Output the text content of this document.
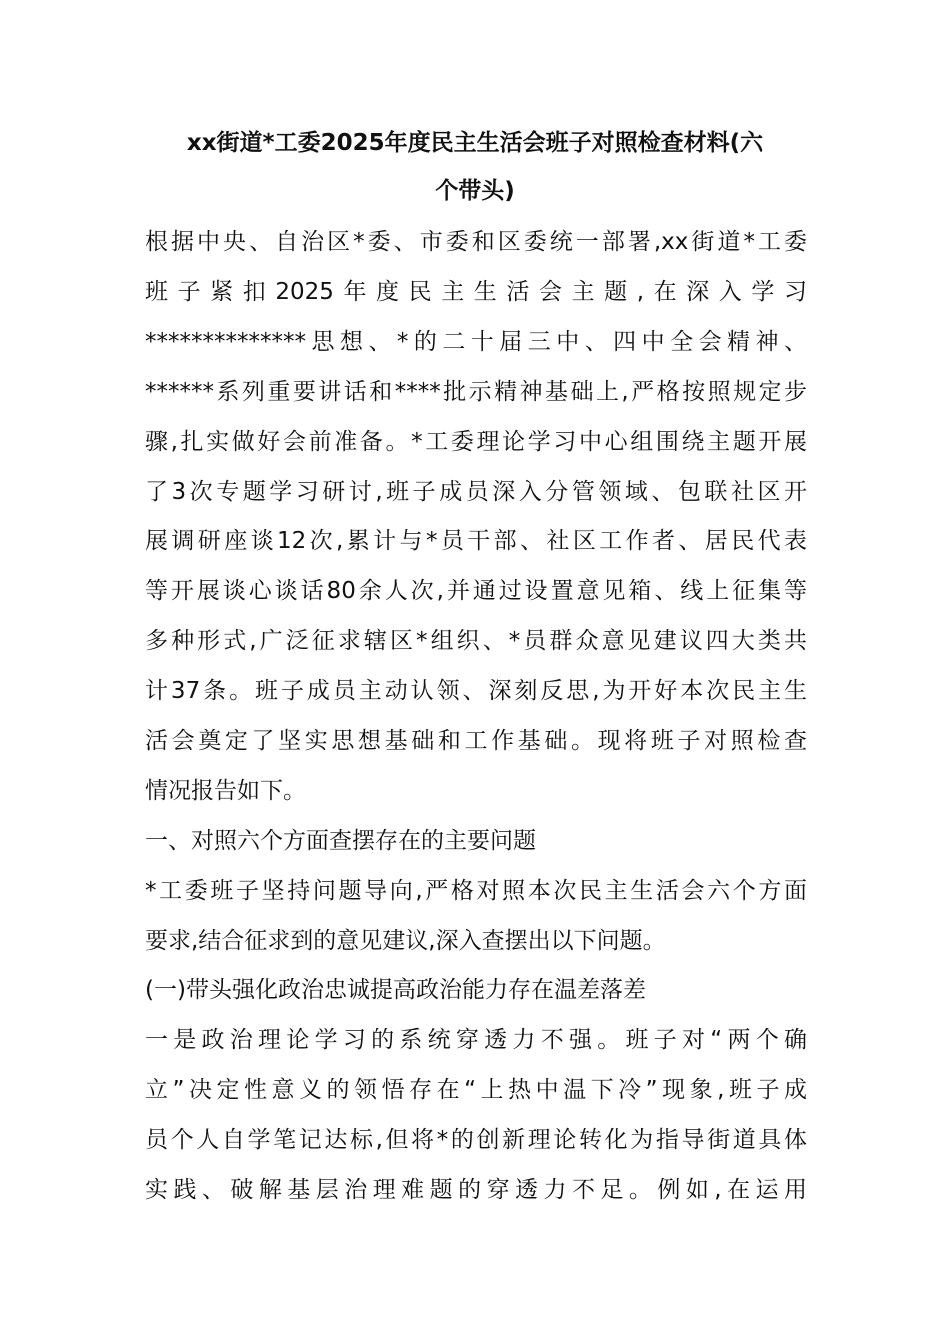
xx街道*工委2025年度民主生活会班子对照检查材料(六
个带头)
根据中央、自治区*委、市委和区委统一部署,xx街道*工委
班子紧扣2025年度民主生活会主题,在深入学习
**************思想、*的二十届三中、四中全会精神、
******系列重要讲话和****批示精神基础上,严格按照规定步
骤,扎实做好会前准备。*工委理论学习中心组围绕主题开展
了3次专题学习研讨,班子成员深入分管领域、包联社区开
展调研座谈12次,累计与*员干部、社区工作者、居民代表
等开展谈心谈话80余人次,并通过设置意见箱、线上征集等
多种形式,广泛征求辖区*组织、*员群众意见建议四大类共
计37条。班子成员主动认领、深刻反思,为开好本次民主生
活会奠定了坚实思想基础和工作基础。现将班子对照检查
情况报告如下。
一、对照六个方面查摆存在的主要问题
*工委班子坚持问题导向,严格对照本次民主生活会六个方面
要求,结合征求到的意见建议,深入查摆出以下问题。
(一)带头强化政治忠诚提高政治能力存在温差落差
一是政治理论学习的系统穿透力不强。班子对“两个确
立”决定性意义的领悟存在“上热中温下冷”现象,班子成
员个人自学笔记达标,但将*的创新理论转化为指导街道具体
实践、破解基层治理难题的穿透力不足。例如,在运用
